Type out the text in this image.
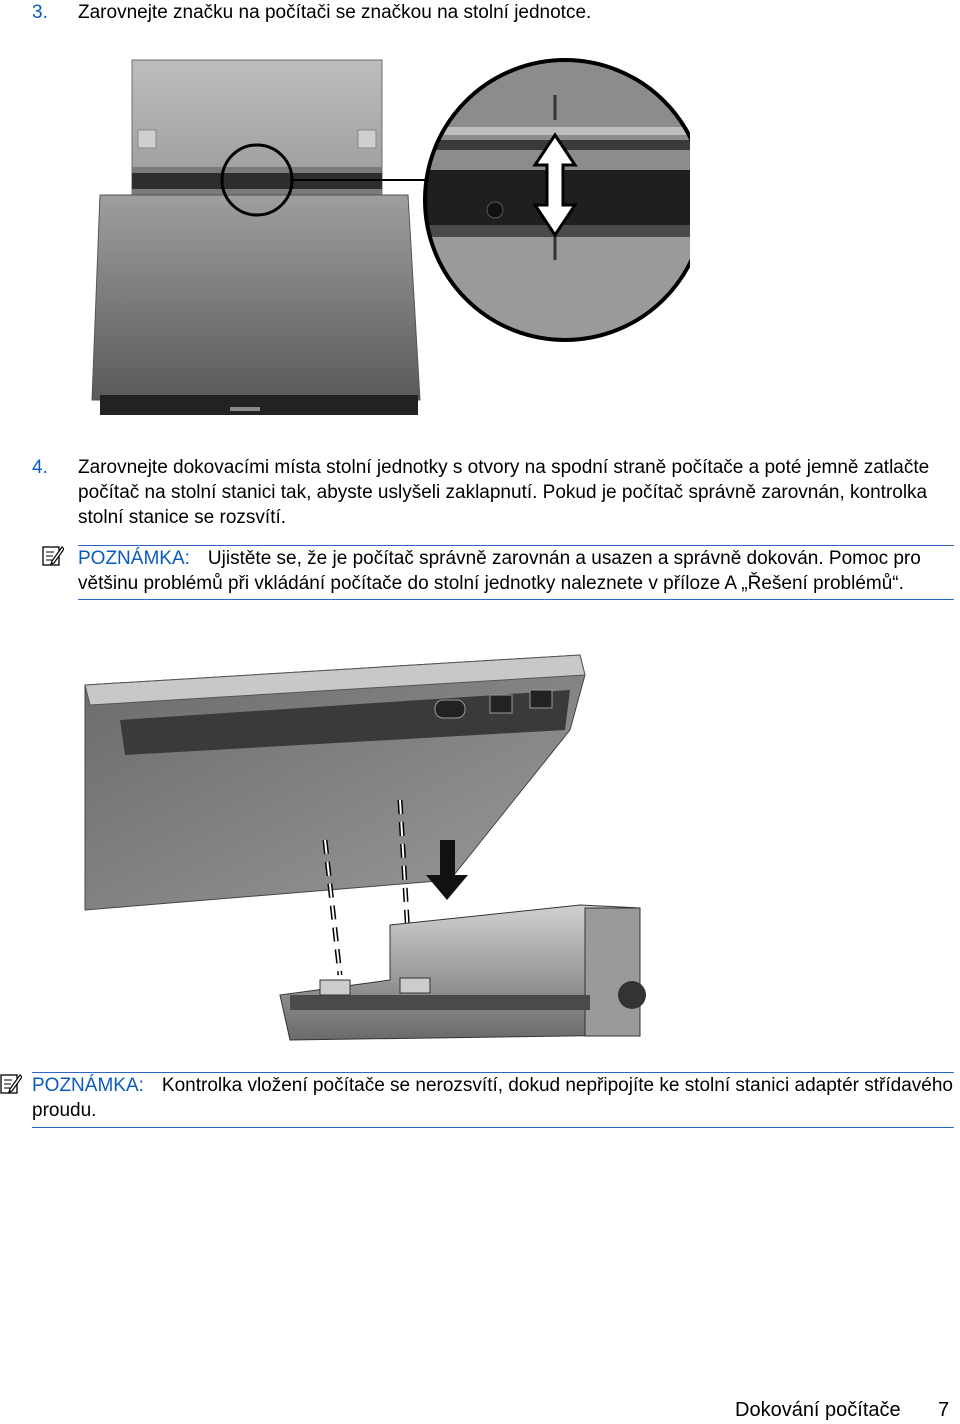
3. Zarovnejte značku na počítači se značkou na stolní jednotce.
4. Zarovnejte dokovacími místa stolní jednotky s otvory na spodní straně počítače a poté jemně zatlačte počítač na stolní stanici tak, abyste uslyšeli zaklapnutí. Pokud je počítač správně zarovnán, kontrolka stolní stanice se rozsvítí.
POZNÁMKA: Ujistěte se, že je počítač správně zarovnán a usazen a správně dokován. Pomoc pro většinu problémů při vkládání počítače do stolní jednotky naleznete v příloze A „Řešení problémů“.
POZNÁMKA: Kontrolka vložení počítače se nerozsvítí, dokud nepřipojíte ke stolní stanici adaptér střídavého proudu.
Dokování počítače 7
